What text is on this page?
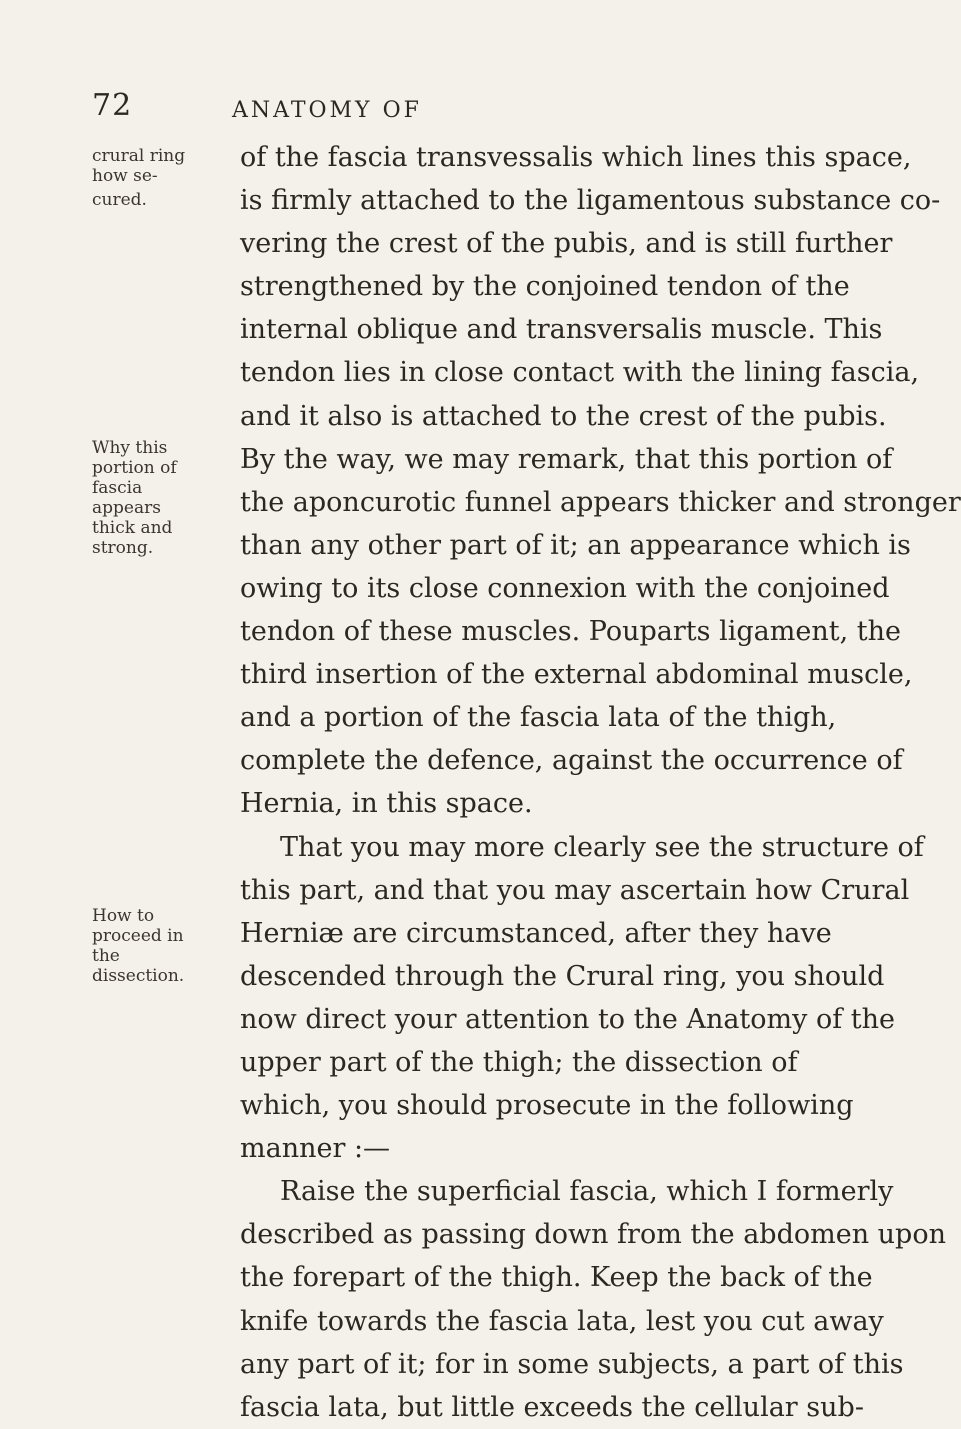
72	ANATOMY OF
crural ring
how se-
cured.
Why this
portion of
fascia
appears
thick and
strong.
How to
proceed in
the
dissection.
of the fascia transvessalis which lines this space,
is firmly attached to the ligamentous substance co-
vering the crest of the pubis, and is still further
strengthened by the conjoined tendon of the
internal oblique and transversalis muscle. This
tendon lies in close contact with the lining fascia,
and it also is attached to the crest of the pubis.
By the way, we may remark, that this portion of
the aponcurotic funnel appears thicker and stronger
than any other part of it; an appearance which is
owing to its close connexion with the conjoined
tendon of these muscles. Pouparts ligament, the
third insertion of the external abdominal muscle,
and a portion of the fascia lata of the thigh,
complete the defence, against the occurrence of
Hernia, in this space.
That you may more clearly see the structure of
this part, and that you may ascertain how Crural
Herniæ are circumstanced, after they have
descended through the Crural ring, you should
now direct your attention to the Anatomy of the
upper part of the thigh; the dissection of
which, you should prosecute in the following
manner :—
Raise the superficial fascia, which I formerly
described as passing down from the abdomen upon
the forepart of the thigh. Keep the back of the
knife towards the fascia lata, lest you cut away
any part of it; for in some subjects, a part of this
fascia lata, but little exceeds the cellular sub-
